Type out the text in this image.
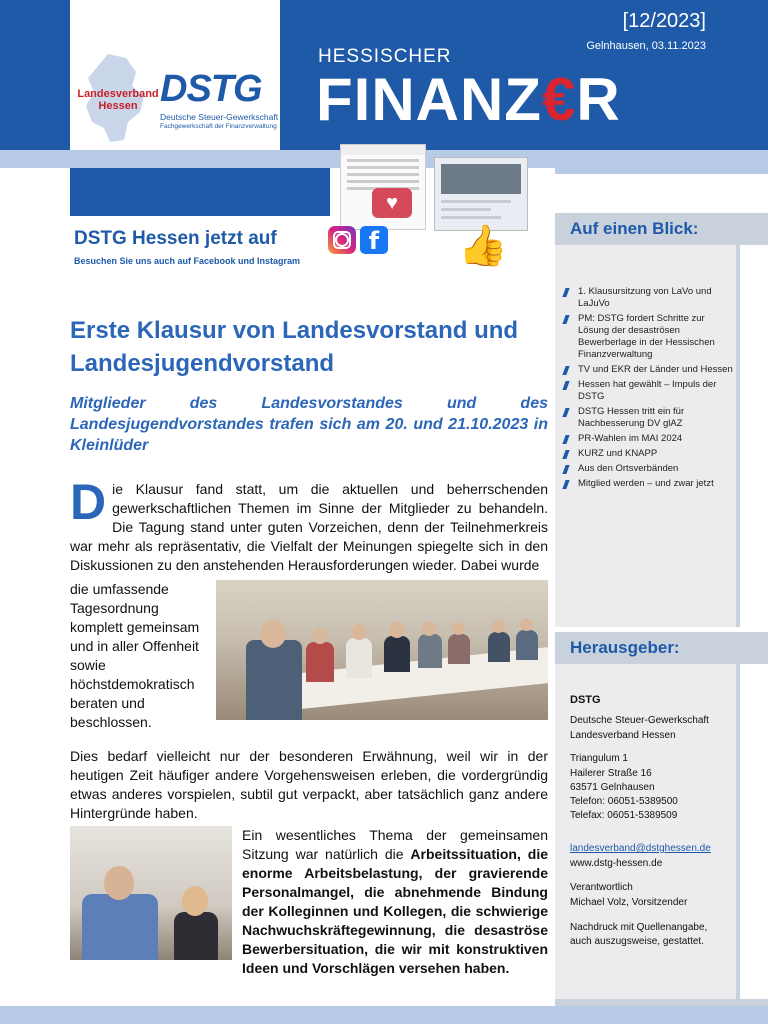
Landesverband Hessen DSTG
Deutsche Steuer-Gewerkschaft
Fachgewerkschaft der Finanzverwaltung
[12/2023]
Gelnhausen, 03.11.2023
HESSISCHER
FINANZ€R
♥
👍
DSTG Hessen jetzt auf
Besuchen Sie uns auch auf Facebook und Instagram
f	Auf einen Blick:
1. Klausursitzung von LaVo und LaJuVo
PM: DSTG fordert Schritte zur Lösung der desaströsen Bewerberlage in der Hessischen Finanzverwaltung
TV und EKR der Länder und Hessen
Hessen hat gewählt – Impuls der DSTG
DSTG Hessen tritt ein für Nachbesserung DV glAZ
PR-Wahlen im MAI 2024
KURZ und KNAPP
Aus den Ortsverbänden
Mitglied werden – und zwar jetzt
Herausgeber:
DSTG
Deutsche Steuer-Gewerkschaft
Landesverband Hessen
Triangulum 1
Hailerer Straße 16
63571 Gelnhausen
Telefon: 06051-5389500
Telefax: 06051-5389509
landesverband@dstghessen.de
www.dstg-hessen.de
Verantwortlich
Michael Volz, Vorsitzender
Nachdruck mit Quellenangabe,
auch auszugsweise, gestattet.
Erste Klausur von Landesvorstand und Landesjugendvorstand
Mitglieder des Landesvorstandes und des Landesjugendvorstandes trafen sich am 20. und 21.10.2023 in Kleinlüder
Die Klausur fand statt, um die aktuellen und beherrschenden gewerkschaftlichen Themen im Sinne der Mitglieder zu behandeln. Die Tagung stand unter guten Vorzeichen, denn der Teilnehmerkreis war mehr als repräsentativ, die Vielfalt der Meinungen spiegelte sich in den Diskussionen zu den anstehenden Herausforderungen wieder. Dabei wurde
die umfassende Tagesordnung komplett gemeinsam und in aller Offenheit sowie höchstdemokratisch beraten und beschlossen.
Dies bedarf vielleicht nur der besonderen Erwähnung, weil wir in der heutigen Zeit häufiger andere Vorgehensweisen erleben, die vordergründig etwas anderes vorspielen, subtil gut verpackt, aber tatsächlich ganz andere Hintergründe haben.
Ein wesentliches Thema der gemeinsamen Sitzung war natürlich die Arbeitssituation, die enorme Arbeitsbelastung, der gravierende Personalmangel, die abnehmende Bindung der Kolleginnen und Kollegen, die schwierige Nachwuchskräftegewinnung, die desaströse Bewerbersituation, die wir mit konstruktiven Ideen und Vorschlägen versehen haben.
